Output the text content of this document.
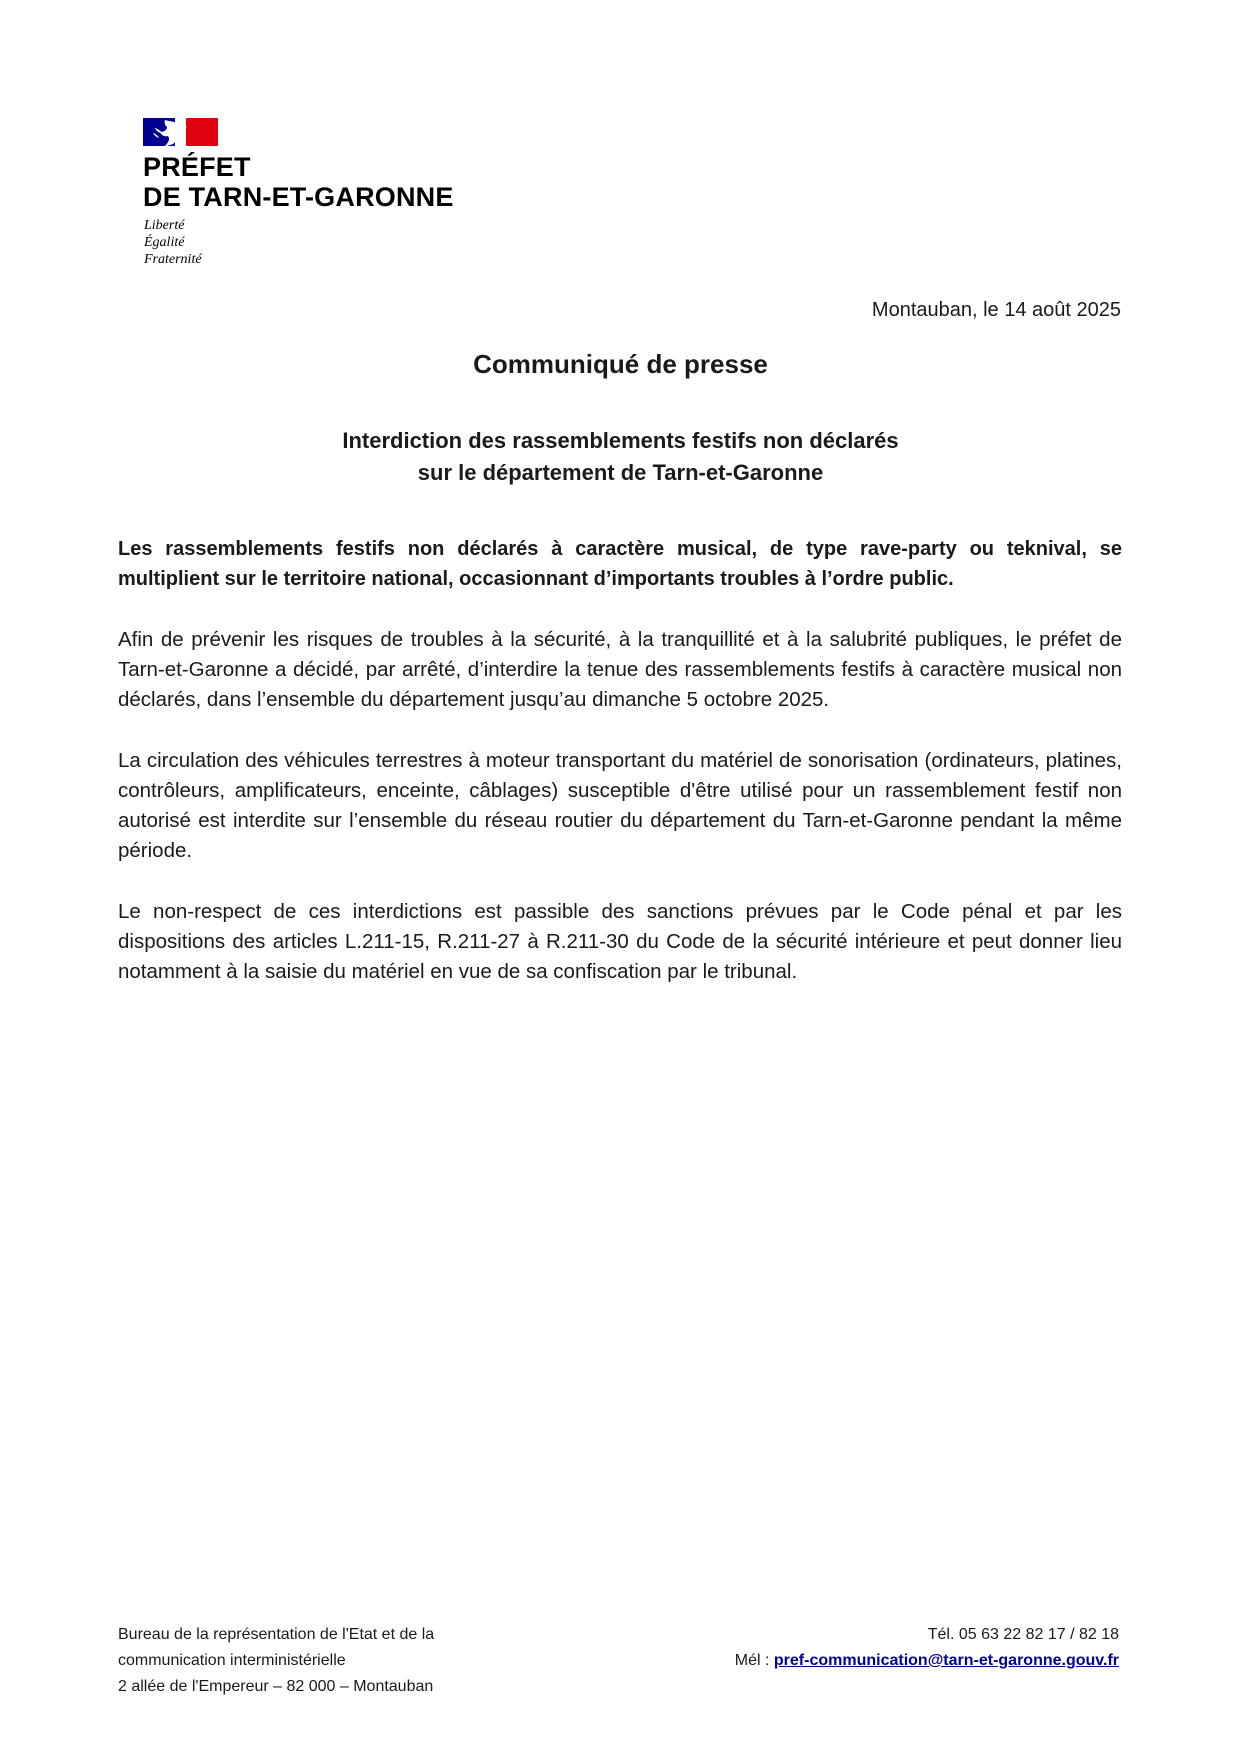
PRÉFET
DE TARN-ET-GARONNE
Liberté
Égalité
Fraternité
Montauban, le 14 août 2025
Communiqué de presse
Interdiction des rassemblements festifs non déclarés
sur le département de Tarn-et-Garonne

Les rassemblements festifs non déclarés à caractère musical, de type rave-party ou teknival, se multiplient sur le territoire national, occasionnant d’importants troubles à l’ordre public.

Afin de prévenir les risques de troubles à la sécurité, à la tranquillité et à la salubrité publiques, le préfet de Tarn-et-Garonne a décidé, par arrêté, d’interdire la tenue des rassemblements festifs à caractère musical non déclarés, dans l’ensemble du département jusqu’au dimanche 5 octobre 2025.

La circulation des véhicules terrestres à moteur transportant du matériel de sonorisation (ordinateurs, platines, contrôleurs, amplificateurs, enceinte, câblages) susceptible d'être utilisé pour un rassemblement festif non autorisé est interdite sur l’ensemble du réseau routier du département du Tarn-et-Garonne pendant la même période.

Le non-respect de ces interdictions est passible des sanctions prévues par le Code pénal et par les dispositions des articles L.211-15, R.211-27 à R.211-30 du Code de la sécurité intérieure et peut donner lieu notamment à la saisie du matériel en vue de sa confiscation par le tribunal.

Bureau de la représentation de l'Etat et de la
communication interministérielle
2 allée de l'Empereur – 82 000 – Montauban
Tél. 05 63 22 82 17 / 82 18
Mél : pref-communication@tarn-et-garonne.gouv.fr
